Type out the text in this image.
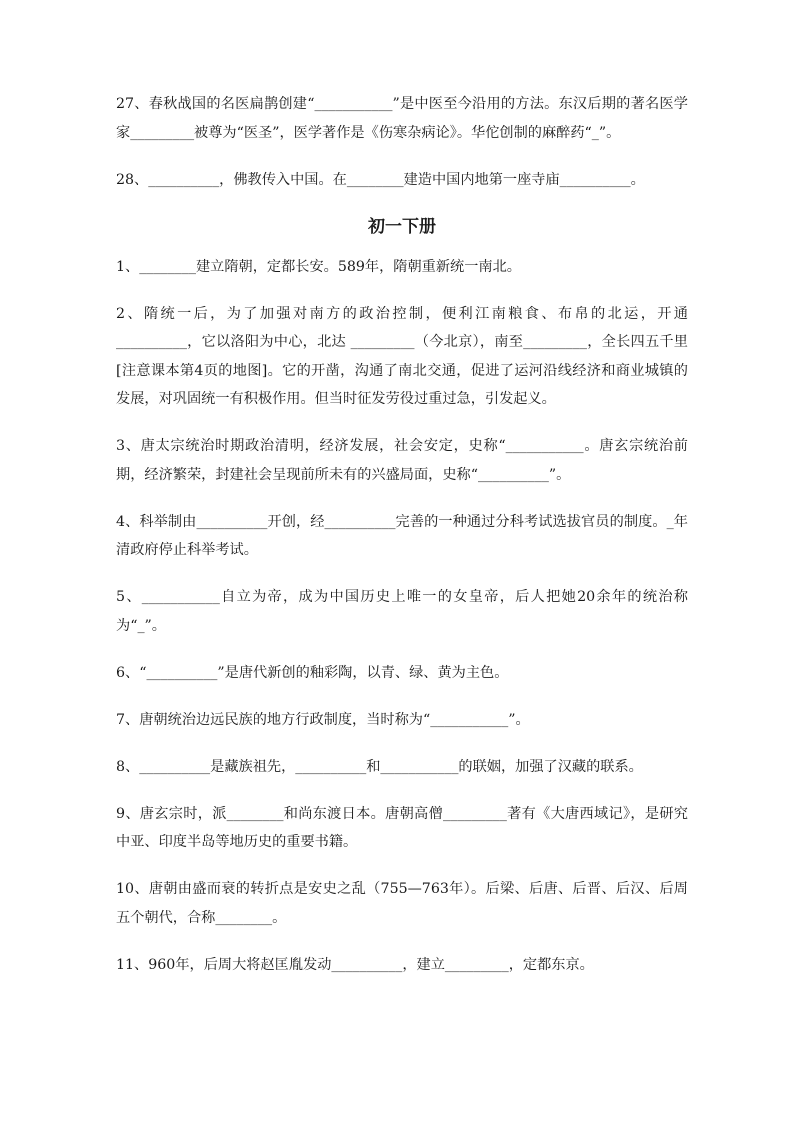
27、春秋战国的名医扁鹊创建“___________”是中医至今沿用的方法。东汉后期的著名医学家_________被尊为“医圣”，医学著作是《伤寒杂病论》。华佗创制的麻醉药“_”。

28、__________，佛教传入中国。在________建造中国内地第一座寺庙__________。

初一下册

1、________建立隋朝，定都长安。589年，隋朝重新统一南北。

2、隋统一后，为了加强对南方的政治控制，便利江南粮食、布帛的北运，开通__________，它以洛阳为中心，北达 _________（今北京），南至_________，全长四五千里[注意课本第4页的地图]。它的开凿，沟通了南北交通，促进了运河沿线经济和商业城镇的发展，对巩固统一有积极作用。但当时征发劳役过重过急，引发起义。

3、唐太宗统治时期政治清明，经济发展，社会安定，史称“___________。唐玄宗统治前期，经济繁荣，封建社会呈现前所未有的兴盛局面，史称“__________”。

4、科举制由__________开创，经__________完善的一种通过分科考试选拔官员的制度。_年清政府停止科举考试。

5、___________自立为帝，成为中国历史上唯一的女皇帝，后人把她20余年的统治称为“_”。

6、“__________”是唐代新创的釉彩陶，以青、绿、黄为主色。

7、唐朝统治边远民族的地方行政制度，当时称为“___________”。

8、__________是藏族祖先，__________和___________的联姻，加强了汉藏的联系。

9、唐玄宗时，派________和尚东渡日本。唐朝高僧_________著有《大唐西域记》，是研究中亚、印度半岛等地历史的重要书籍。

10、唐朝由盛而衰的转折点是安史之乱（755—763年）。后梁、后唐、后晋、后汉、后周五个朝代，合称________。

11、960年，后周大将赵匡胤发动__________，建立_________，定都东京。
